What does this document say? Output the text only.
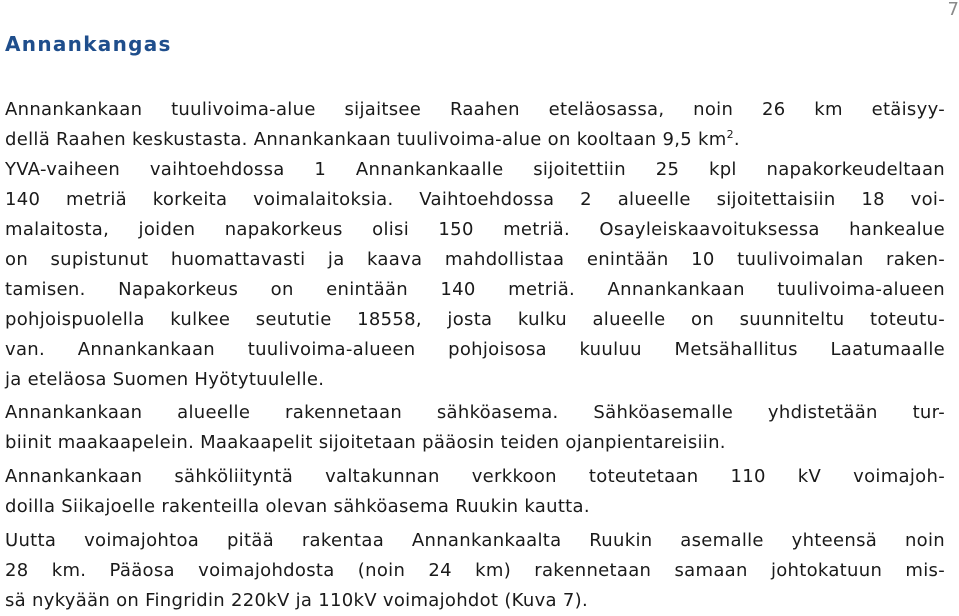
7
Annankangas
Annankankaan tuulivoima-alue sijaitsee Raahen eteläosassa, noin 26 km etäisyy-
dellä Raahen keskustasta. Annankankaan tuulivoima-alue on kooltaan 9,5 $km^2$.
YVA-vaiheen vaihtoehdossa 1 Annankankaalle sijoitettiin 25 kpl napakorkeudeltaan
140 metriä korkeita voimalaitoksia. Vaihtoehdossa 2 alueelle sijoitettaisiin 18 voi-
malaitosta, joiden napakorkeus olisi 150 metriä. Osayleiskaavoituksessa hankealue
on supistunut huomattavasti ja kaava mahdollistaa enintään 10 tuulivoimalan raken-
tamisen. Napakorkeus on enintään 140 metriä. Annankankaan tuulivoima-alueen
pohjoispuolella kulkee seututie 18558, josta kulku alueelle on suunniteltu toteutu-
van. Annankankaan tuulivoima-alueen pohjoisosa kuuluu Metsähallitus Laatumaalle
ja eteläosa Suomen Hyötytuulelle.
Annankankaan alueelle rakennetaan sähköasema. Sähköasemalle yhdistetään tur-
biinit maakaapelein. Maakaapelit sijoitetaan pääosin teiden ojanpientareisiin.
Annankankaan sähköliityntä valtakunnan verkkoon toteutetaan 110 kV voimajoh-
doilla Siikajoelle rakenteilla olevan sähköasema Ruukin kautta.
Uutta voimajohtoa pitää rakentaa Annankankaalta Ruukin asemalle yhteensä noin
28 km. Pääosa voimajohdosta (noin 24 km) rakennetaan samaan johtokatuun mis-
sä nykyään on Fingridin 220kV ja 110kV voimajohdot (Kuva 7).
